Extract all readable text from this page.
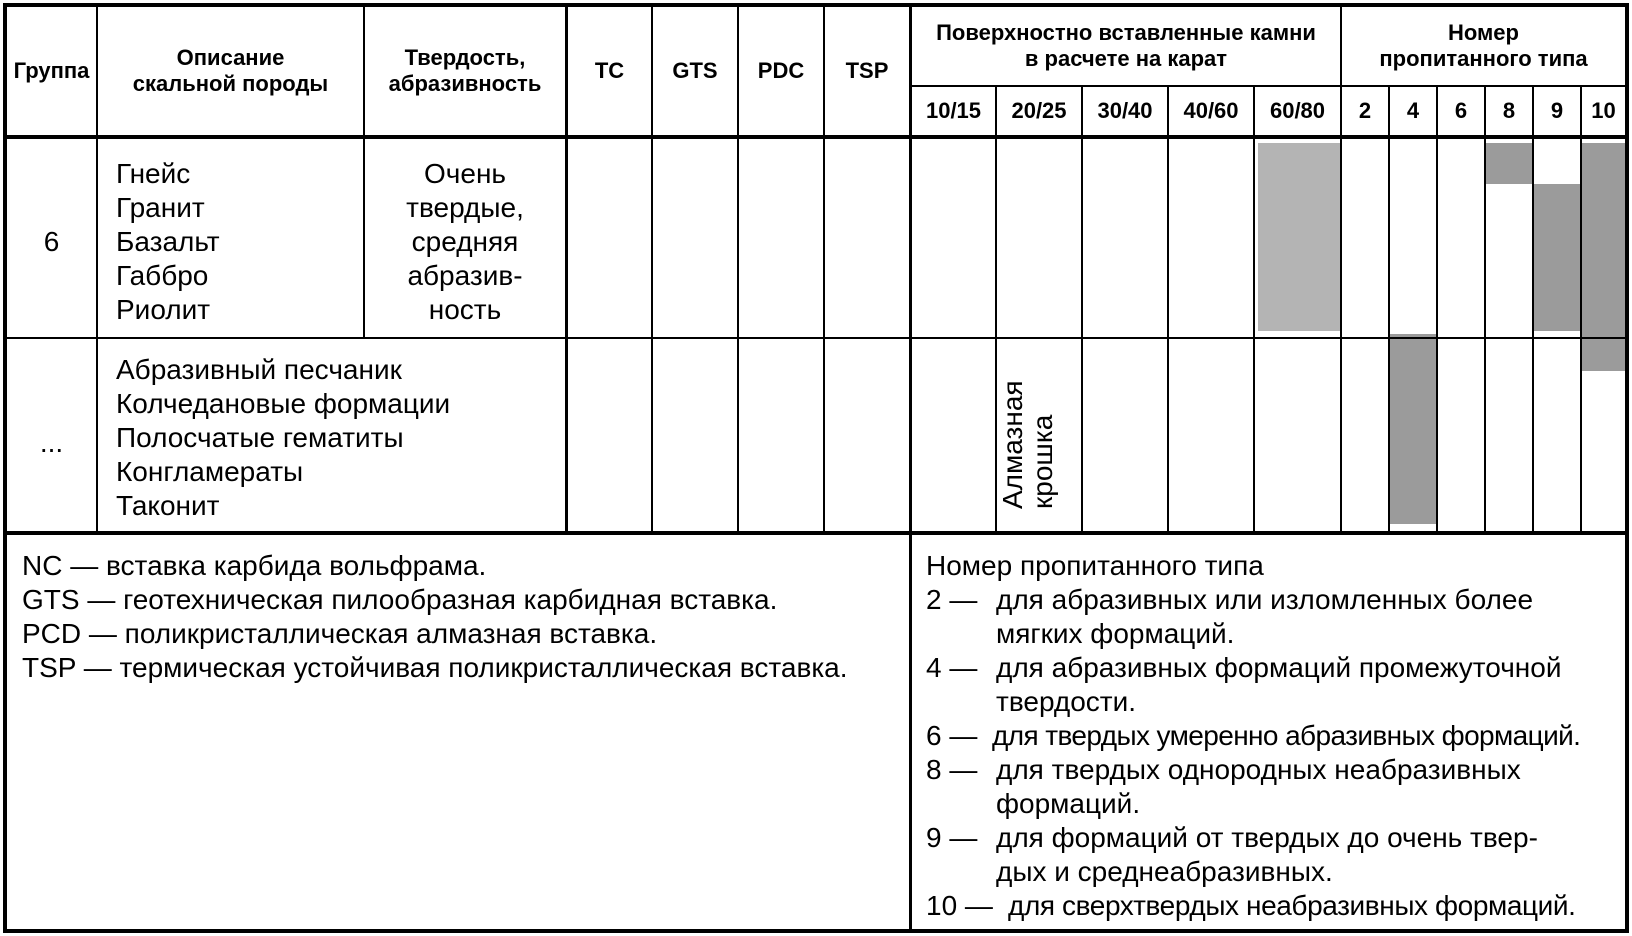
Группа
Описание
скальной породы
Твердость,
абразивность
TC GTS PDC TSP
Поверхностно вставленные камни
в расчете на карат
Номер
пропитанного типа
10/15 20/25 30/40 40/60 60/80 2 4 6 8 9 10
6
Гнейс
Гранит
Базальт
Габбро
Риолит
Очень
твердые,
средняя
абразив-
ность
...
Абразивный песчаник
Колчедановые формации
Полосчатые гематиты
Конгламераты
Таконит	Алмазная крошка
NC — вставка карбида вольфрама.
GTS — геотехническая пилообразная карбидная вставка.
PCD — поликристаллическая алмазная вставка.
TSP — термическая устойчивая поликристаллическая вставка.
Номер пропитанного типа
2 — для абразивных или изломленных более
мягких формаций.
4 — для абразивных формаций промежуточной
твердости.
6 — для твердых умеренно абразивных формаций.
8 — для твердых однородных неабразивных
формаций.
9 — для формаций от твердых до очень твер-
дых и среднеабразивных.
10 — для сверхтвердых неабразивных формаций.
